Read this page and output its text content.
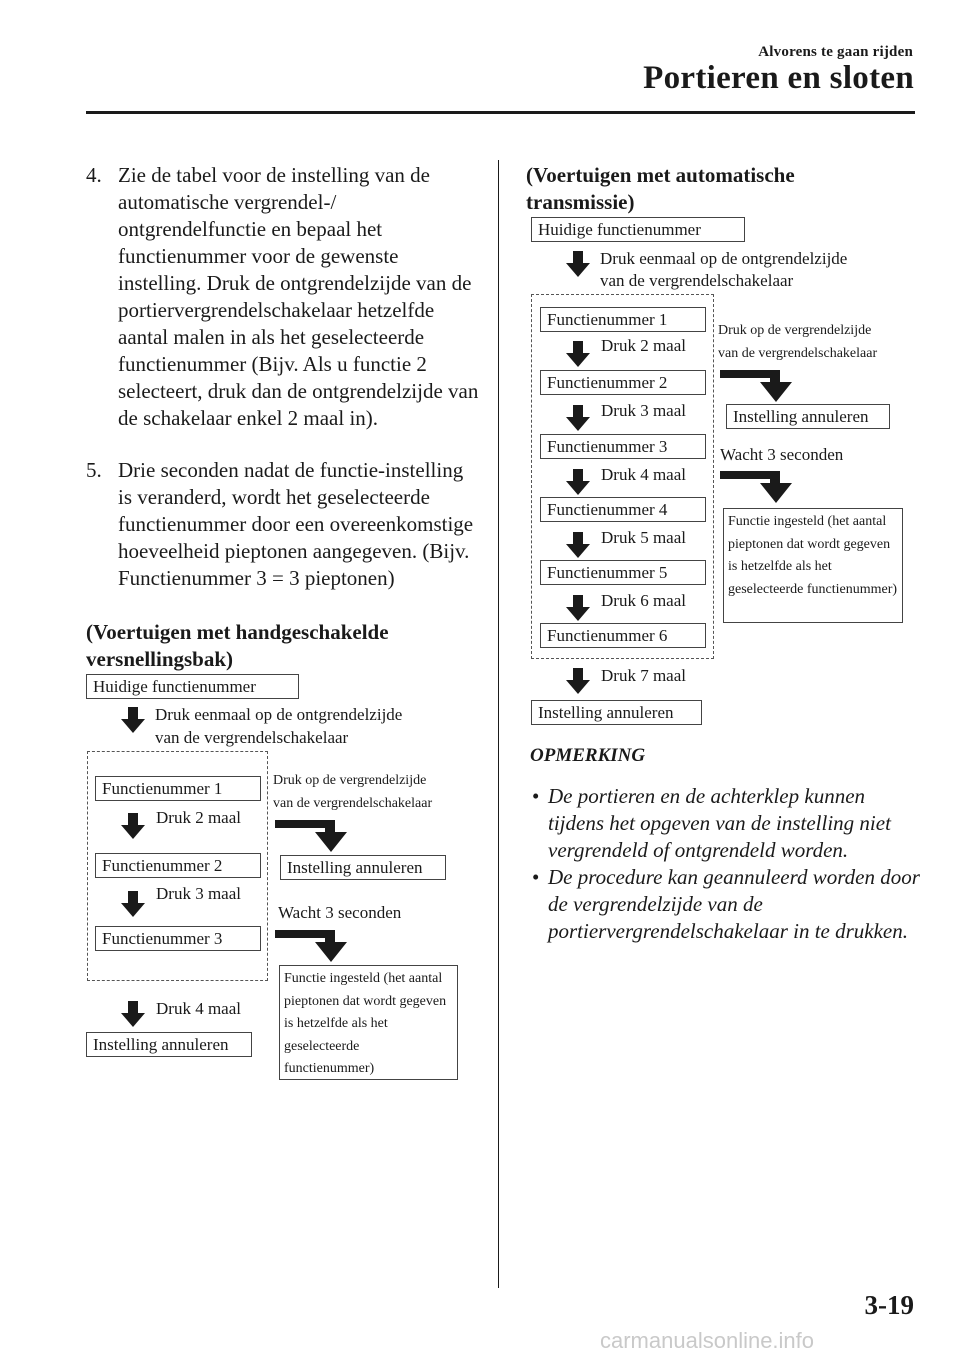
Alvorens te gaan rijden
Portieren en sloten
4. Zie de tabel voor de instelling van de automatische vergrendel-/ ontgrendelfunctie en bepaal het functienummer voor de gewenste instelling. Druk de ontgrendelzijde van de portiervergrendelschakelaar hetzelfde aantal malen in als het geselecteerde functienummer (Bijv. Als u functie 2 selecteert, druk dan de ontgrendelzijde van de schakelaar enkel 2 maal in).
5. Drie seconden nadat de functie-instelling is veranderd, wordt het geselecteerde functienummer door een overeenkomstige hoeveelheid pieptonen aangegeven. (Bijv. Functienummer 3 = 3 pieptonen)
(Voertuigen met handgeschakelde
versnellingsbak)
Huidige functienummer
Druk eenmaal op de ontgrendelzijde
van de vergrendelschakelaar
Functienummer 1
Druk 2 maal
Functienummer 2
Druk 3 maal
Functienummer 3
Druk 4 maal
Instelling annuleren
Druk op de vergrendelzijde
van de vergrendelschakelaar
Instelling annuleren
Wacht 3 seconden
Functie ingesteld (het aantal pieptonen dat wordt gegeven is hetzelfde als het geselecteerde functienummer)
(Voertuigen met automatische
transmissie)
Huidige functienummer
Druk eenmaal op de ontgrendelzijde
van de vergrendelschakelaar
Functienummer 1
Druk 2 maal
Functienummer 2
Druk 3 maal
Functienummer 3
Druk 4 maal
Functienummer 4
Druk 5 maal
Functienummer 5
Druk 6 maal
Functienummer 6
Druk 7 maal
Instelling annuleren
Druk op de vergrendelzijde
van de vergrendelschakelaar
Instelling annuleren
Wacht 3 seconden
Functie ingesteld (het aantal pieptonen dat wordt gegeven is hetzelfde als het geselecteerde functienummer)
OPMERKING
• De portieren en de achterklep kunnen tijdens het opgeven van de instelling niet vergrendeld of ontgrendeld worden.
• De procedure kan geannuleerd worden door de vergrendelzijde van de portiervergrendelschakelaar in te drukken.
3-19
carmanualsonline.info
